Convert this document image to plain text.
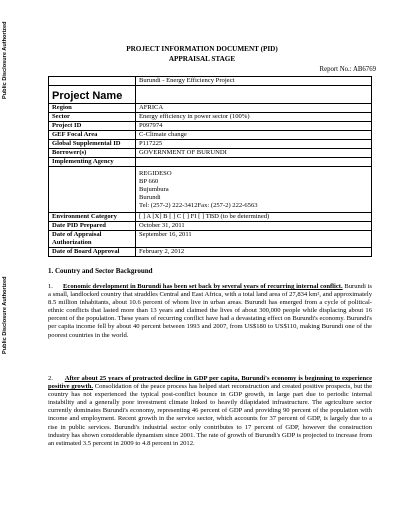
Public Disclosure Authorized
Public Disclosure Authorized
PROJECT INFORMATION DOCUMENT (PID)
APPRAISAL STAGE
Report No.: AB6769
	Burundi - Energy Efficiency Project
Project Name	
Region	AFRICA
Sector	Energy efficiency in power sector (100%)
Project ID	P097974
GEF Focal Area	C-Climate change
Global Supplemental ID	P117225
Borrower(s)	GOVERNMENT OF BURUNDI
Implementing Agency	

	REGIDESO
BP 660
Bujumbura
Burundi
Tel: (257-2) 222-3412Fax: (257-2) 222-6563

Environment Category	[ ] A [X] B [ ] C [ ] FI [ ] TBD (to be determined)
Date PID Prepared	October 31, 2011
Date of Appraisal Authorization	September 16, 2011
Date of Board Approval	February 2, 2012
1. Country and Sector Background

1. Economic development in Burundi has been set back by several years of recurring internal conflict. Burundi is a small, landlocked country that straddles Central and East Africa, with a total land area of 27,834 km², and approximately 8.5 million inhabitants, about 10.6 percent of whom live in urban areas. Burundi has emerged from a cycle of political-ethnic conflicts that lasted more than 13 years and claimed the lives of about 300,000 people while displacing about 16 percent of the population. These years of recurring conflict have had a devastating effect on Burundi's economy. Burundi's per capita income fell by about 40 percent between 1993 and 2007, from US$180 to US$110, making Burundi one of the poorest countries in the world.

2. After about 25 years of protracted decline in GDP per capita, Burundi's economy is beginning to experience positive growth. Consolidation of the peace process has helped start reconstruction and created positive prospects, but the country has not experienced the typical post-conflict bounce in GDP growth, in large part due to periodic internal instability and a generally poor investment climate linked to heavily dilapidated infrastructure. The agriculture sector currently dominates Burundi's economy, representing 46 percent of GDP and providing 90 percent of the population with income and employment. Recent growth in the service sector, which accounts for 37 percent of GDP, is largely due to a rise in public services. Burundi's industrial sector only contributes to 17 percent of GDP, however the construction industry has shown considerable dynamism since 2001. The rate of growth of Burundi's GDP is projected to increase from an estimated 3.5 percent in 2009 to 4.8 percent in 2012.
